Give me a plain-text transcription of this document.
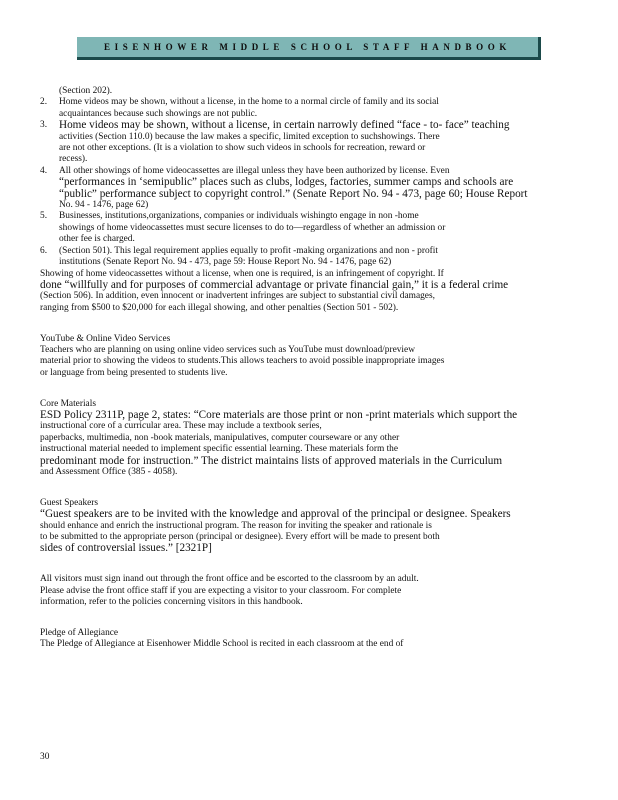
EISENHOWER MIDDLE SCHOOL STAFF HANDBOOK

(Section 202).

2.	Home videos may be shown, without a license, in the home to a normal circle of family and its social
acquaintances because such showings are not public.
3.	Home videos may be shown, without a license, in certain narrowly defined “face - to- face” teaching
activities (Section 110.0) because the law makes a specific, limited exception to suchshowings. There
are not other exceptions. (It is a violation to show such videos in schools for recreation, reward or
recess).
4.	All other showings of home videocassettes are illegal unless they have been authorized by license. Even
“performances in ‘semipublic” places such as clubs, lodges, factories, summer camps and schools are
“public” performance subject to copyright control.” (Senate Report No. 94 - 473, page 60; House Report
No. 94 - 1476, page 62)
5.	Businesses, institutions,organizations, companies or individuals wishingto engage in non -home
showings of home videocassettes must secure licenses to do to—regardless of whether an admission or
other fee is charged.
6.	(Section 501). This legal requirement applies equally to profit -making organizations and non - profit
institutions (Senate Report No. 94 - 473, page 59: House Report No. 94 - 1476, page 62)
Showing of home videocassettes without a license, when one is required, is an infringement of copyright. If
done “willfully and for purposes of commercial advantage or private financial gain,” it is a federal crime
(Section 506). In addition, even innocent or inadvertent infringes are subject to substantial civil damages,
ranging from $500 to $20,000 for each illegal showing, and other penalties (Section 501 - 502).
YouTube & Online Video Services
Teachers who are planning on using online video services such as YouTube must download/preview
material prior to showing the videos to students.This allows teachers to avoid possible inappropriate images
or language from being presented to students live.
Core Materials
ESD Policy 2311P, page 2, states: “Core materials are those print or non -print materials which support the
instructional core of a curricular area. These may include a textbook series,
paperbacks, multimedia, non -book materials, manipulatives, computer courseware or any other
instructional material needed to implement specific essential learning. These materials form the
predominant mode for instruction.” The district maintains lists of approved materials in the Curriculum
and Assessment Office (385 - 4058).
Guest Speakers
“Guest speakers are to be invited with the knowledge and approval of the principal or designee. Speakers
should enhance and enrich the instructional program. The reason for inviting the speaker and rationale is
to be submitted to the appropriate person (principal or designee). Every effort will be made to present both
sides of controversial issues.” [2321P]
All visitors must sign inand out through the front office and be escorted to the classroom by an adult.
Please advise the front office staff if you are expecting a visitor to your classroom. For complete
information, refer to the policies concerning visitors in this handbook.
Pledge of Allegiance
The Pledge of Allegiance at Eisenhower Middle School is recited in each classroom at the end of
30
